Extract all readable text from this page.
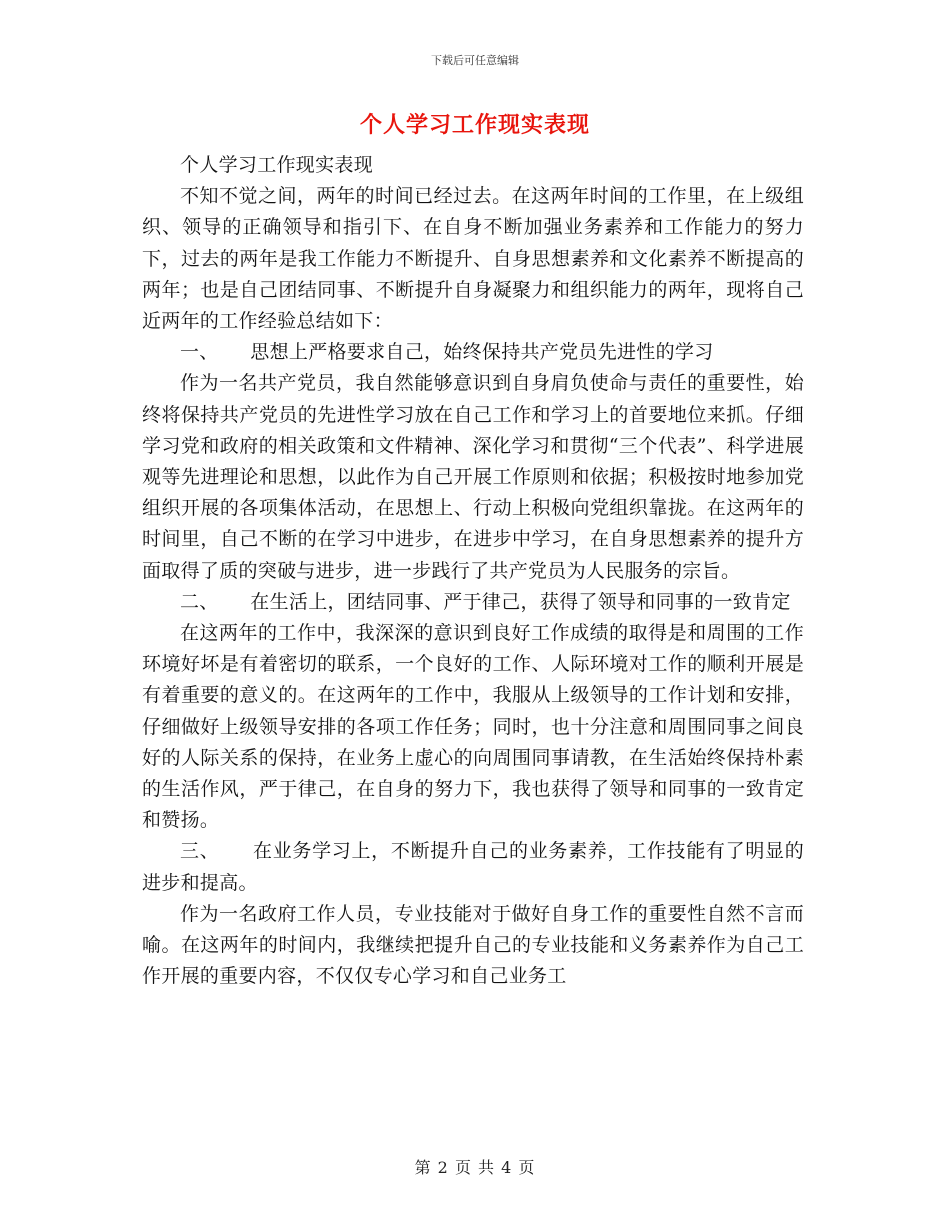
下载后可任意编辑
个人学习工作现实表现

个人学习工作现实表现

不知不觉之间，两年的时间已经过去。在这两年时间的工作里，在上级组织、领导的正确领导和指引下、在自身不断加强业务素养和工作能力的努力下，过去的两年是我工作能力不断提升、自身思想素养和文化素养不断提高的两年；也是自己团结同事、不断提升自身凝聚力和组织能力的两年，现将自己近两年的工作经验总结如下：

一、     思想上严格要求自己，始终保持共产党员先进性的学习

作为一名共产党员，我自然能够意识到自身肩负使命与责任的重要性，始终将保持共产党员的先进性学习放在自己工作和学习上的首要地位来抓。仔细学习党和政府的相关政策和文件精神、深化学习和贯彻“三个代表”、科学进展观等先进理论和思想，以此作为自己开展工作原则和依据；积极按时地参加党组织开展的各项集体活动，在思想上、行动上积极向党组织靠拢。在这两年的时间里，自己不断的在学习中进步，在进步中学习，在自身思想素养的提升方面取得了质的突破与进步，进一步践行了共产党员为人民服务的宗旨。

二、     在生活上，团结同事、严于律己，获得了领导和同事的一致肯定

在这两年的工作中，我深深的意识到良好工作成绩的取得是和周围的工作环境好坏是有着密切的联系，一个良好的工作、人际环境对工作的顺利开展是有着重要的意义的。在这两年的工作中，我服从上级领导的工作计划和安排，仔细做好上级领导安排的各项工作任务；同时，也十分注意和周围同事之间良好的人际关系的保持，在业务上虚心的向周围同事请教，在生活始终保持朴素的生活作风，严于律己，在自身的努力下，我也获得了领导和同事的一致肯定和赞扬。

三、     在业务学习上，不断提升自己的业务素养，工作技能有了明显的进步和提高。

作为一名政府工作人员，专业技能对于做好自身工作的重要性自然不言而喻。在这两年的时间内，我继续把提升自己的专业技能和义务素养作为自己工作开展的重要内容，不仅仅专心学习和自己业务工

第 2 页 共 4 页
